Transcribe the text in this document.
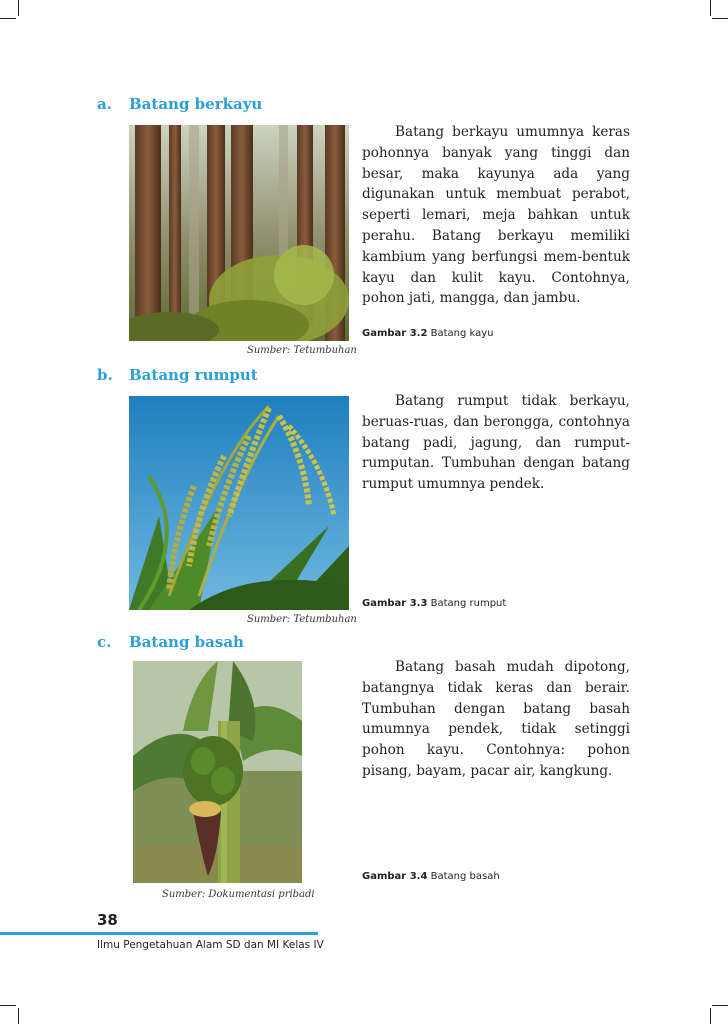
a. Batang berkayu
Sumber: Tetumbuhan

Batang berkayu umumnya keras pohonnya banyak yang tinggi dan besar, maka kayunya ada yang digunakan untuk membuat perabot, seperti lemari, meja bahkan untuk perahu. Batang berkayu memiliki kambium yang berfungsi mem-bentuk kayu dan kulit kayu. Contohnya, pohon jati, mangga, dan jambu.

Gambar 3.2 Batang kayu
b. Batang rumput
Sumber: Tetumbuhan

Batang rumput tidak berkayu, beruas-ruas, dan berongga, contohnya batang padi, jagung, dan rumput-rumputan. Tumbuhan dengan batang rumput umumnya pendek.

Gambar 3.3 Batang rumput
c. Batang basah
Sumber: Dokumentasi pribadi

Batang basah mudah dipotong, batangnya tidak keras dan berair. Tumbuhan dengan batang basah umumnya pendek, tidak setinggi pohon kayu. Contohnya: pohon pisang, bayam, pacar air, kangkung.

Gambar 3.4 Batang basah
38
Ilmu Pengetahuan Alam SD dan MI Kelas IV
